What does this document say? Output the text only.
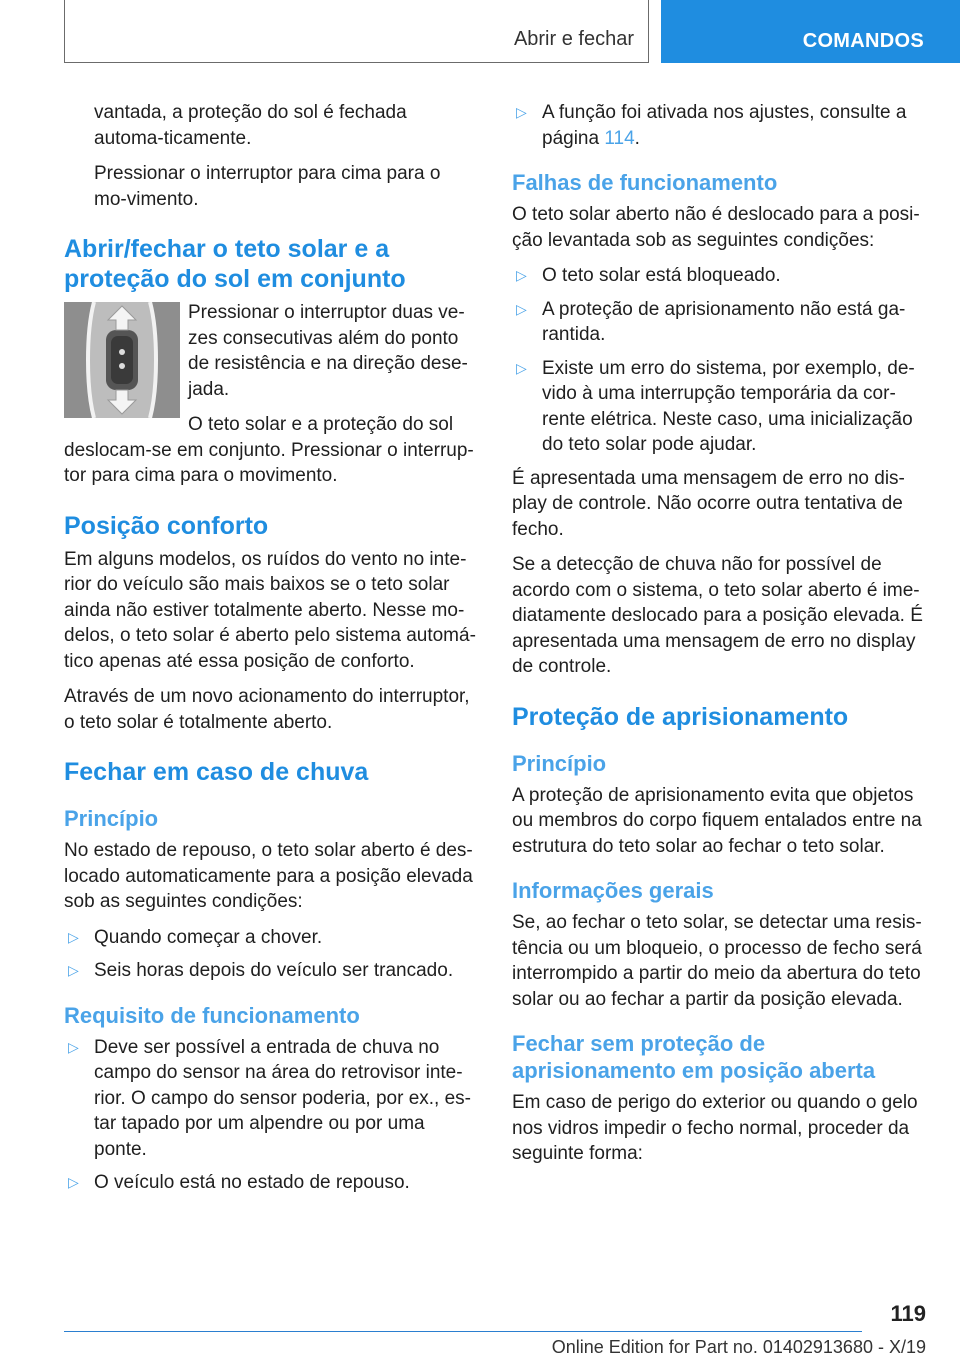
Abrir e fechar	COMANDOS

vantada, a proteção do sol é fechada automa-ticamente.

Pressionar o interruptor para cima para o mo-vimento.

Abrir/fechar o teto solar e a proteção do sol em conjunto

Pressionar o interruptor duas ve-zes consecutivas além do ponto de resistência e na direção dese-jada.

O teto solar e a proteção do sol deslocam-se em conjunto. Pressionar o interrup-tor para cima para o movimento.

Posição conforto

Em alguns modelos, os ruídos do vento no inte-rior do veículo são mais baixos se o teto solar ainda não estiver totalmente aberto. Nesse mo-delos, o teto solar é aberto pelo sistema automá-tico apenas até essa posição de conforto.

Através de um novo acionamento do interruptor, o teto solar é totalmente aberto.

Fechar em caso de chuva
Princípio

No estado de repouso, o teto solar aberto é des-locado automaticamente para a posição elevada sob as seguintes condições:

▷ Quando começar a chover.
▷ Seis horas depois do veículo ser trancado.
Requisito de funcionamento
▷ Deve ser possível a entrada de chuva no campo do sensor na área do retrovisor inte-rior. O campo do sensor poderia, por ex., es-tar tapado por um alpendre ou por uma ponte.
▷ O veículo está no estado de repouso.
▷ A função foi ativada nos ajustes, consulte a página 114.
Falhas de funcionamento

O teto solar aberto não é deslocado para a posi-ção levantada sob as seguintes condições:

▷ O teto solar está bloqueado.
▷ A proteção de aprisionamento não está ga-rantida.
▷ Existe um erro do sistema, por exemplo, de-vido à uma interrupção temporária da cor-rente elétrica. Neste caso, uma inicialização do teto solar pode ajudar.

É apresentada uma mensagem de erro no dis-play de controle. Não ocorre outra tentativa de fecho.

Se a detecção de chuva não for possível de acordo com o sistema, o teto solar aberto é ime-diatamente deslocado para a posição elevada. É apresentada uma mensagem de erro no display de controle.

Proteção de aprisionamento
Princípio

A proteção de aprisionamento evita que objetos ou membros do corpo fiquem entalados entre na estrutura do teto solar ao fechar o teto solar.

Informações gerais

Se, ao fechar o teto solar, se detectar uma resis-tência ou um bloqueio, o processo de fecho será interrompido a partir do meio da abertura do teto solar ou ao fechar a partir da posição elevada.

Fechar sem proteção de aprisionamento em posição aberta

Em caso de perigo do exterior ou quando o gelo nos vidros impedir o fecho normal, proceder da seguinte forma:

119
Online Edition for Part no. 01402913680 - X/19
